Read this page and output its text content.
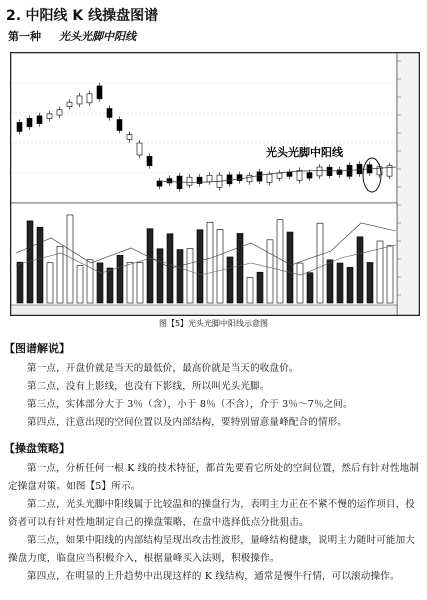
2. 中阳线 K 线操盘图谱
第一种 光头光脚中阳线
光头光脚中阳线
图【5】光头光脚中阳线示意图
【图谱解说】

第一点，开盘价就是当天的最低价，最高价就是当天的收盘价。

第二点，没有上影线，也没有下影线，所以叫光头光脚。

第三点，实体部分大于 3％（含），小于 8％（不含），介于 3％～7％之间。

第四点，注意出现的空间位置以及内部结构，要特别留意量峰配合的情形。

【操盘策略】

第一点，分析任何一根 K 线的技术特征，都首先要看它所处的空间位置，然后有针对性地制定操盘对策。如图【5】所示。

第二点，光头光脚中阳线属于比较温和的操盘行为，表明主力正在不紧不慢的运作项目，投资者可以有针对性地制定自己的操盘策略，在盘中选择低点分批狙击。

第三点，如果中阳线的内部结构呈现出攻击性波形，量峰结构健康，说明主力随时可能加大操盘力度，临盘应当积极介入，根据量峰买入法则，积极操作。

第四点，在明显的上升趋势中出现这样的 K 线结构，通常是慢牛行情，可以滚动操作。
